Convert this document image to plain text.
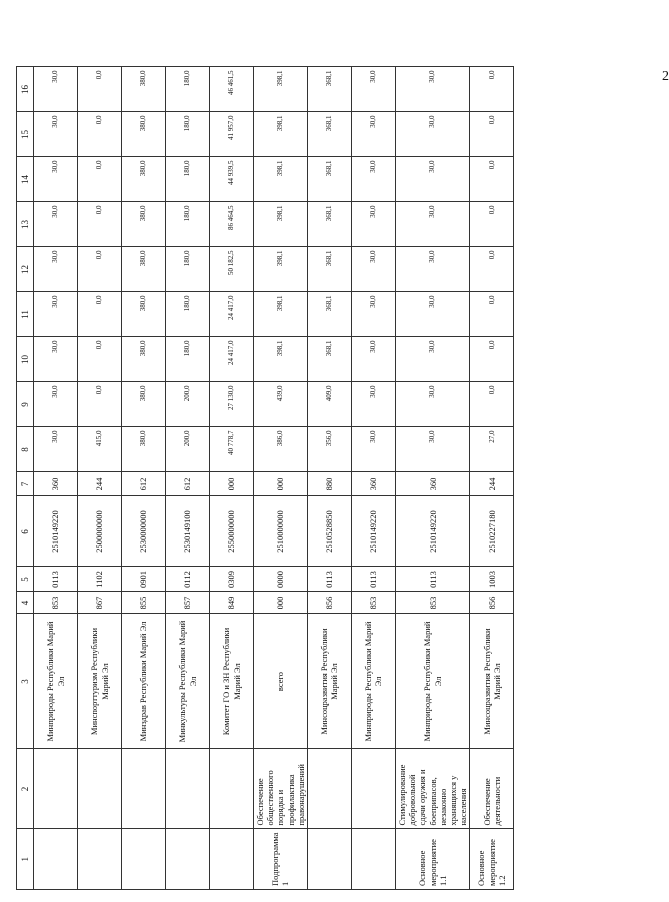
2
1	2	3	4	5	6	7	8	9	10	11	12	13	14	15	16
		Минприроды Республики Марий Эл	853	0113	2510149220	360	30,0	30,0	30,0	30,0	30,0	30,0	30,0	30,0	30,0
		Минспорттуризм Республики Марий Эл	867	1102	2500000000	244	415,0	0,0	0,0	0,0	0,0	0,0	0,0	0,0	0,0
		Минздрав Республики Марий Эл	855	0901	2530000000	612	380,0	380,0	380,0	380,0	380,0	380,0	380,0	380,0	380,0
		Минкультуры Республики Марий Эл	857	0112	2530149100	612	200,0	200,0	180,0	180,0	180,0	180,0	180,0	180,0	180,0
		Комитет ГО и ЗН Республики Марий Эл	849	0309	2550000000	000	40 778,7	27 130,0	24 417,0	24 417,0	50 182,5	86 464,5	44 939,5	41 957,0	46 461,5
Подпрограмма 1	Обеспечение общественного порядка и профилактика правонарушений	всего	000	0000	2510000000	000	386,0	439,0	398,1	398,1	398,1	398,1	398,1	398,1	398,1
		Минсоцразвития Республики Марий Эл	856	0113	2510528850	880	356,0	409,0	368,1	368,1	368,1	368,1	368,1	368,1	368,1
		Минприроды Республики Марий Эл	853	0113	2510149220	360	30,0	30,0	30,0	30,0	30,0	30,0	30,0	30,0	30,0
Основное мероприятие 1.1	Стимулирование добровольной сдачи оружия и боеприпасов, незаконно хранящихся у населения	Минприроды Республики Марий Эл	853	0113	2510149220	360	30,0	30,0	30,0	30,0	30,0	30,0	30,0	30,0	30,0
Основное мероприятие 1.2	Обеспечение деятельности	Минсоцразвития Республики Марий Эл	856	1003	2510227180	244	27,0	0,0	0,0	0,0	0,0	0,0	0,0	0,0	0,0
